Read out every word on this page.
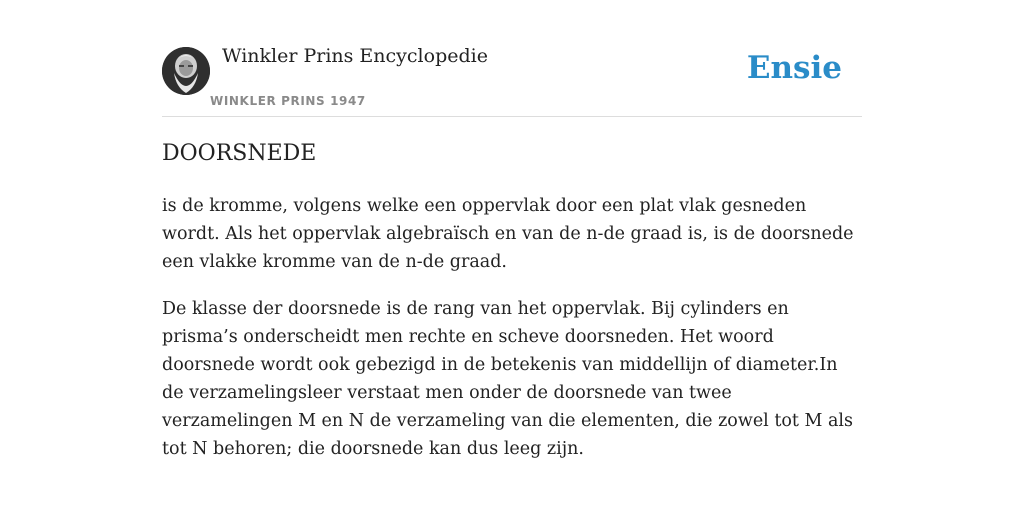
Winkler Prins Encyclopedie
WINKLER PRINS 1947
Ensie
DOORSNEDE

is de kromme, volgens welke een oppervlak door een plat vlak gesneden wordt. Als het oppervlak algebraïsch en van de n-de graad is, is de doorsnede een vlakke kromme van de n-de graad.

De klasse der doorsnede is de rang van het oppervlak. Bij cylinders en prisma’s onderscheidt men rechte en scheve doorsneden. Het woord doorsnede wordt ook gebezigd in de betekenis van middellijn of diameter.In de verzamelingsleer verstaat men onder de doorsnede van twee verzamelingen M en N de verzameling van die elementen, die zowel tot M als tot N behoren; die doorsnede kan dus leeg zijn.
